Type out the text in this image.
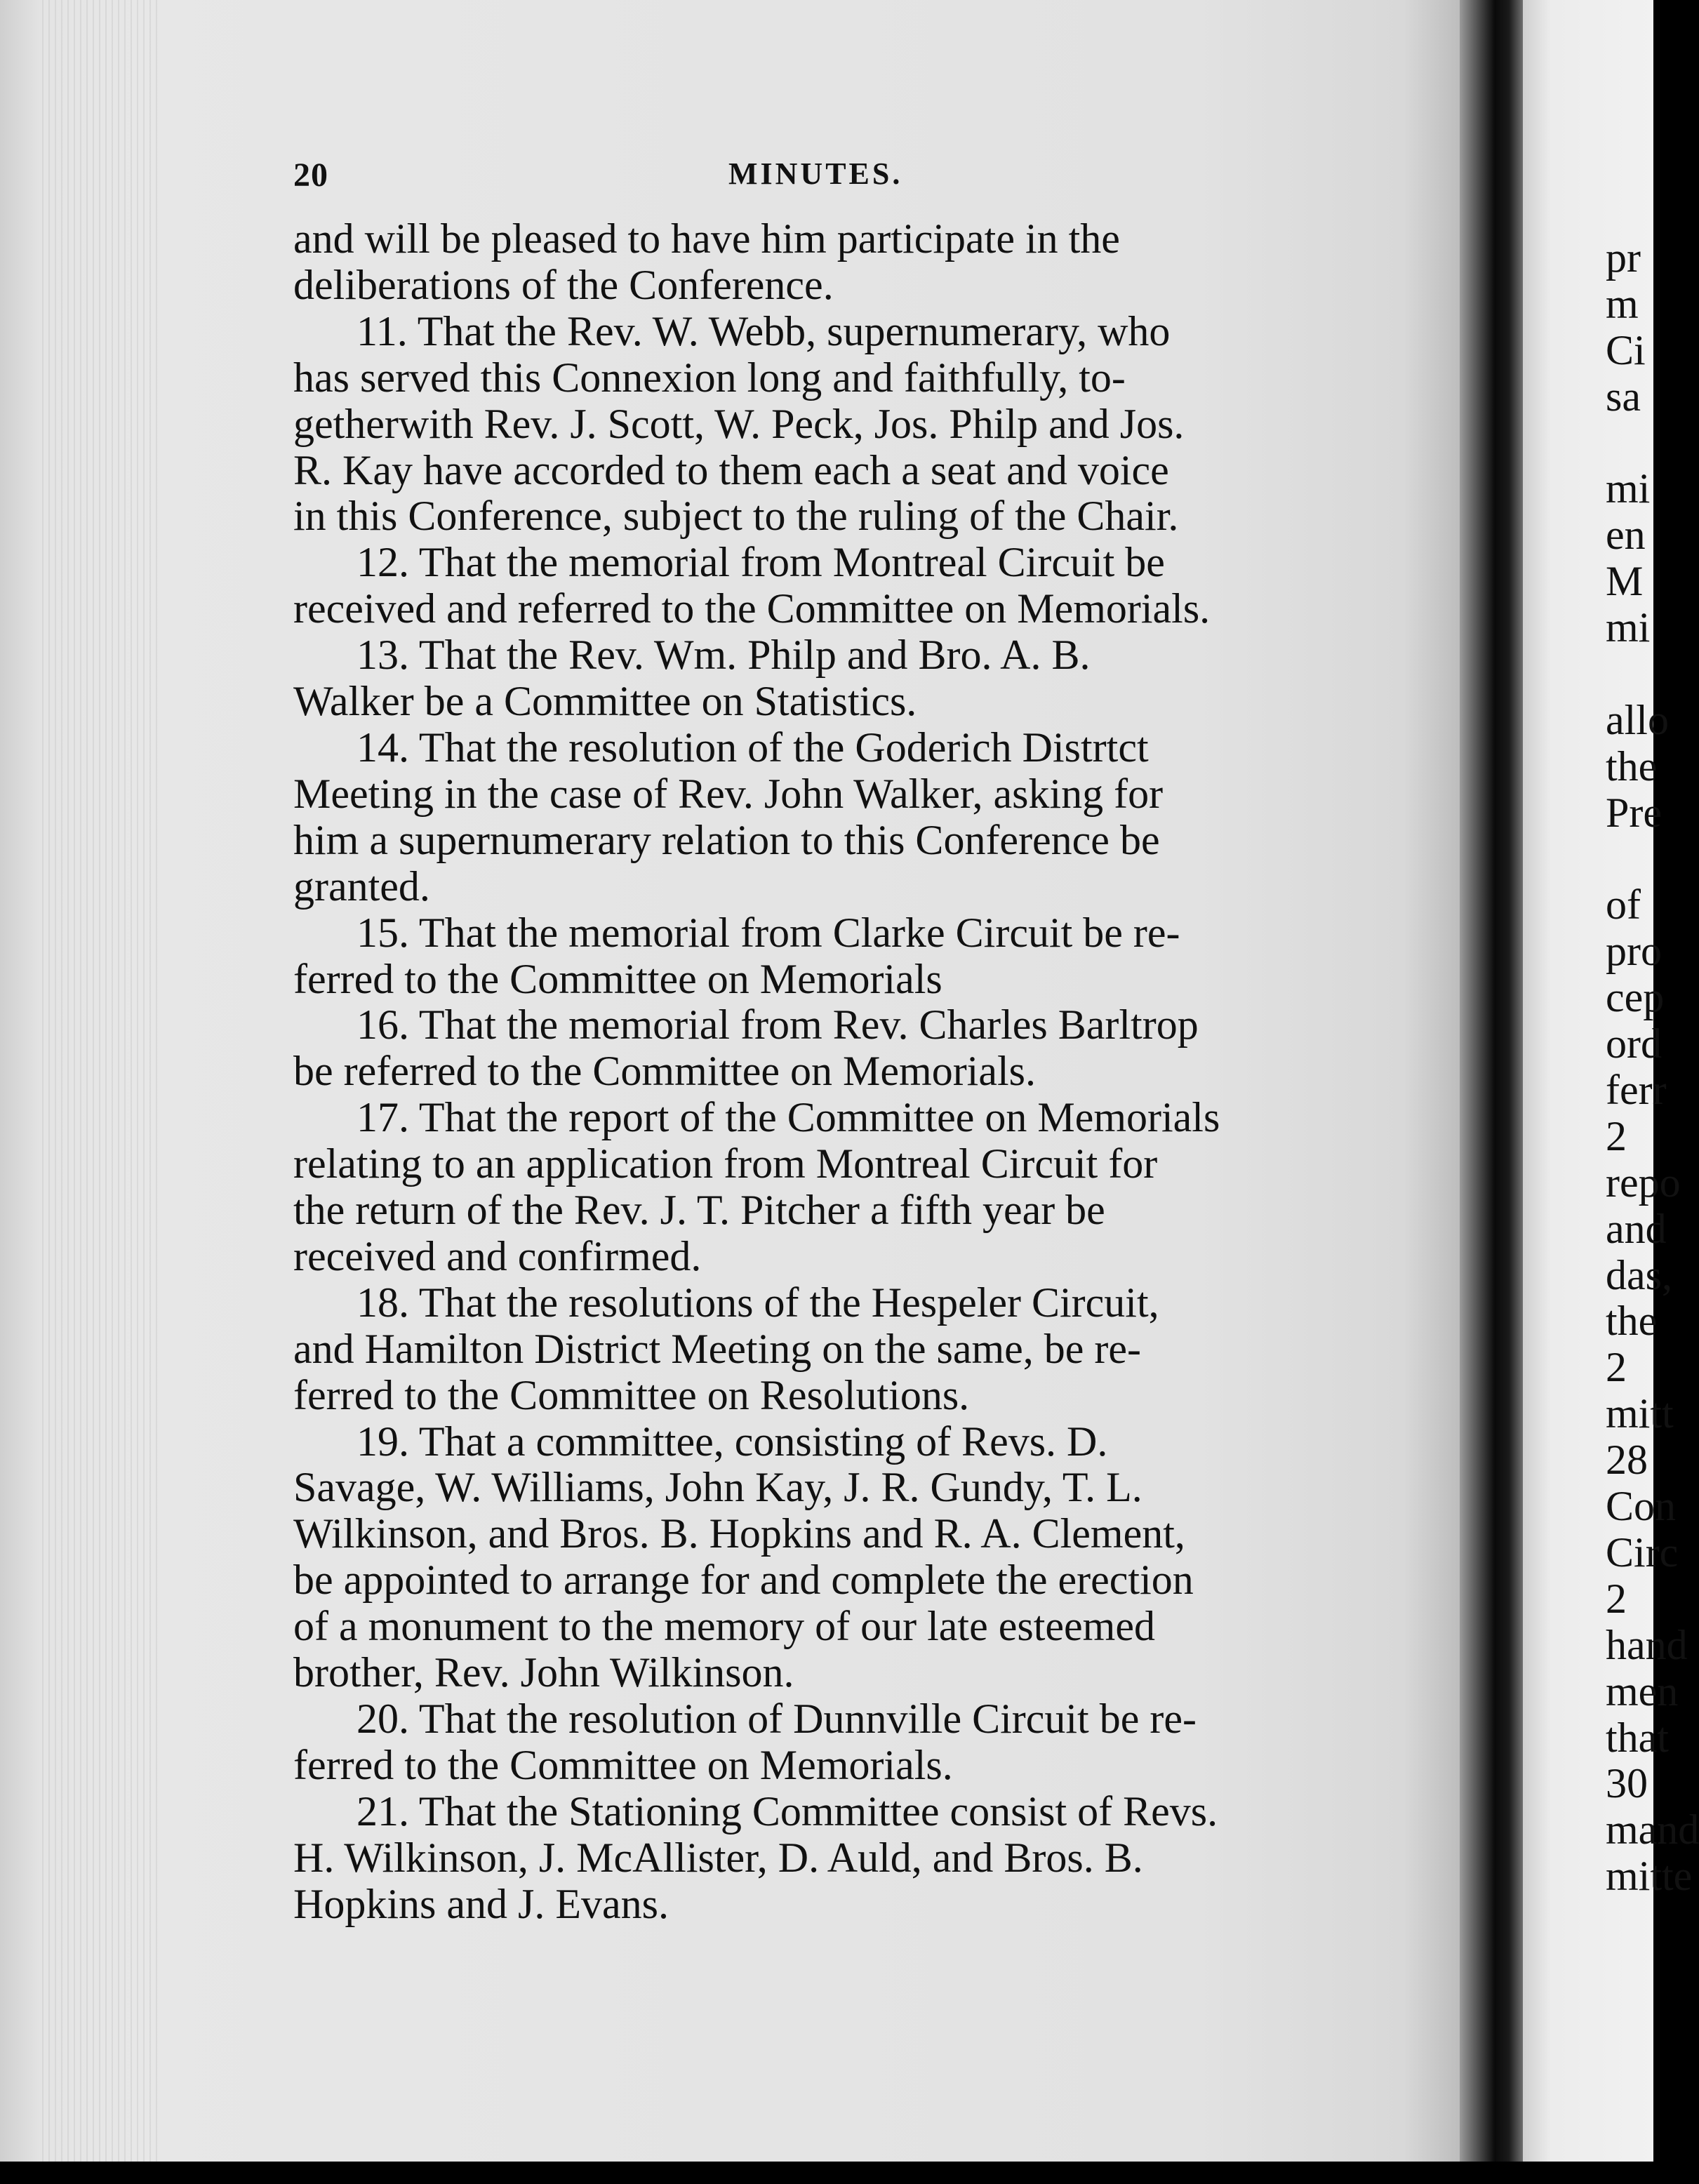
20	MINUTES.
and will be pleased to have him participate in the
deliberations of the Conference.
11. That the Rev. W. Webb, supernumerary, who
has served this Connexion long and faithfully, to-
getherwith Rev. J. Scott, W. Peck, Jos. Philp and Jos.
R. Kay have accorded to them each a seat and voice
in this Conference, subject to the ruling of the Chair.
12. That the memorial from Montreal Circuit be
received and referred to the Committee on Memorials.
13. That the Rev. Wm. Philp and Bro. A. B.
Walker be a Committee on Statistics.
14. That the resolution of the Goderich Distrtct
Meeting in the case of Rev. John Walker, asking for
him a supernumerary relation to this Conference be
granted.
15. That the memorial from Clarke Circuit be re-
ferred to the Committee on Memorials
16. That the memorial from Rev. Charles Barltrop
be referred to the Committee on Memorials.
17. That the report of the Committee on Memorials
relating to an application from Montreal Circuit for
the return of the Rev. J. T. Pitcher a fifth year be
received and confirmed.
18. That the resolutions of the Hespeler Circuit,
and Hamilton District Meeting on the same, be re-
ferred to the Committee on Resolutions.
19. That a committee, consisting of Revs. D.
Savage, W. Williams, John Kay, J. R. Gundy, T. L.
Wilkinson, and Bros. B. Hopkins and R. A. Clement,
be appointed to arrange for and complete the erection
of a monument to the memory of our late esteemed
brother, Rev. John Wilkinson.
20. That the resolution of Dunnville Circuit be re-
ferred to the Committee on Memorials.
21. That the Stationing Committee consist of Revs.
H. Wilkinson, J. McAllister, D. Auld, and Bros. B.
Hopkins and J. Evans.
pr
m
Ci
sa
mi
en
M
mi
allo
the
Pre
of
pro
cep
ord
ferr
2
repo
and
das,
the
2
mitt
28
Con
Circ
2
hand
men
that
30
mand
mitte
